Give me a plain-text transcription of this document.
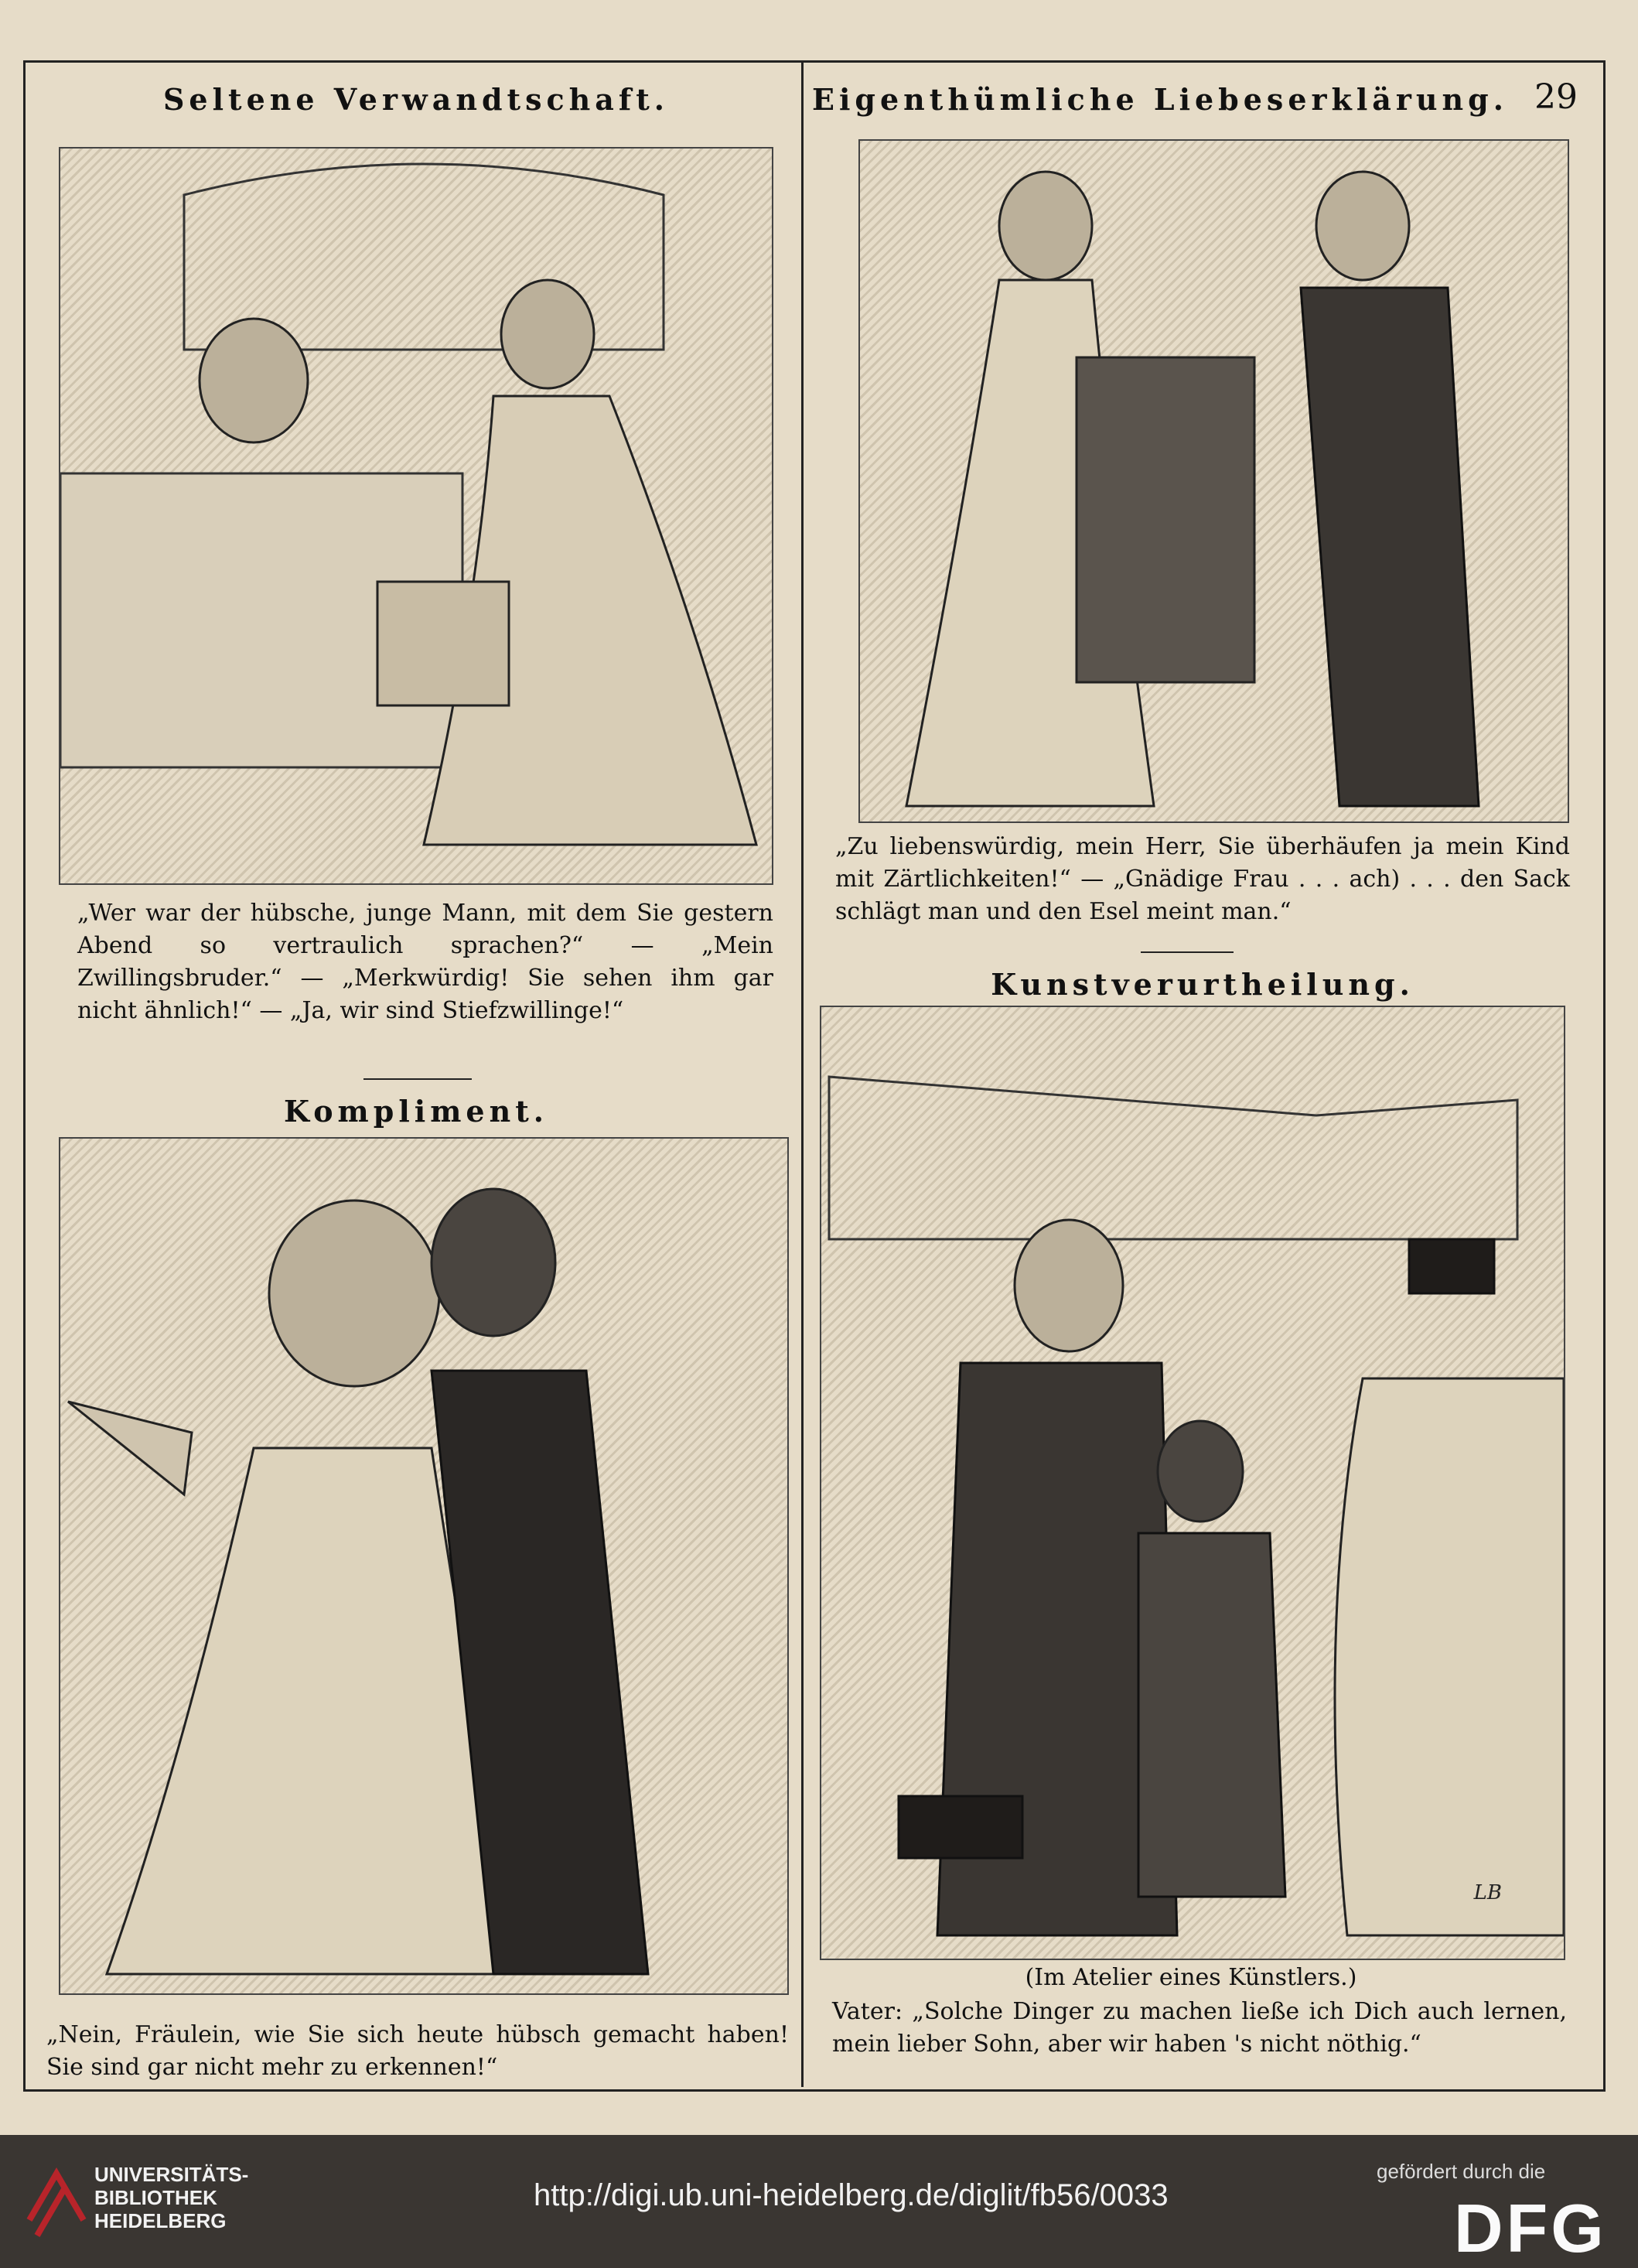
Seltene Verwandtschaft.	Eigenthümliche Liebeserklärung. 29
„Wer war der hübsche, junge Mann, mit dem Sie gestern Abend so vertraulich sprachen?“ — „Mein Zwillingsbruder.“ — „Merkwürdig! Sie sehen ihm gar nicht ähnlich!“ — „Ja, wir sind Stiefzwillinge!“
Kompliment.
„Nein, Fräulein, wie Sie sich heute hübsch gemacht haben! Sie sind gar nicht mehr zu erkennen!“
„Zu liebenswürdig, mein Herr, Sie überhäufen ja mein Kind mit Zärtlichkeiten!“ — „Gnädige Frau . . . ach) . . . den Sack schlägt man und den Esel meint man.“
Kunstverurtheilung.
LB
(Im Atelier eines Künstlers.)
Vater: „Solche Dinger zu machen ließe ich Dich auch lernen, mein lieber Sohn, aber wir haben 's nicht nöthig.“
UNIVERSITÄTS-
BIBLIOTHEK
HEIDELBERG
http://digi.ub.uni-heidelberg.de/diglit/fb56/0033
gefördert durch die
DFG
